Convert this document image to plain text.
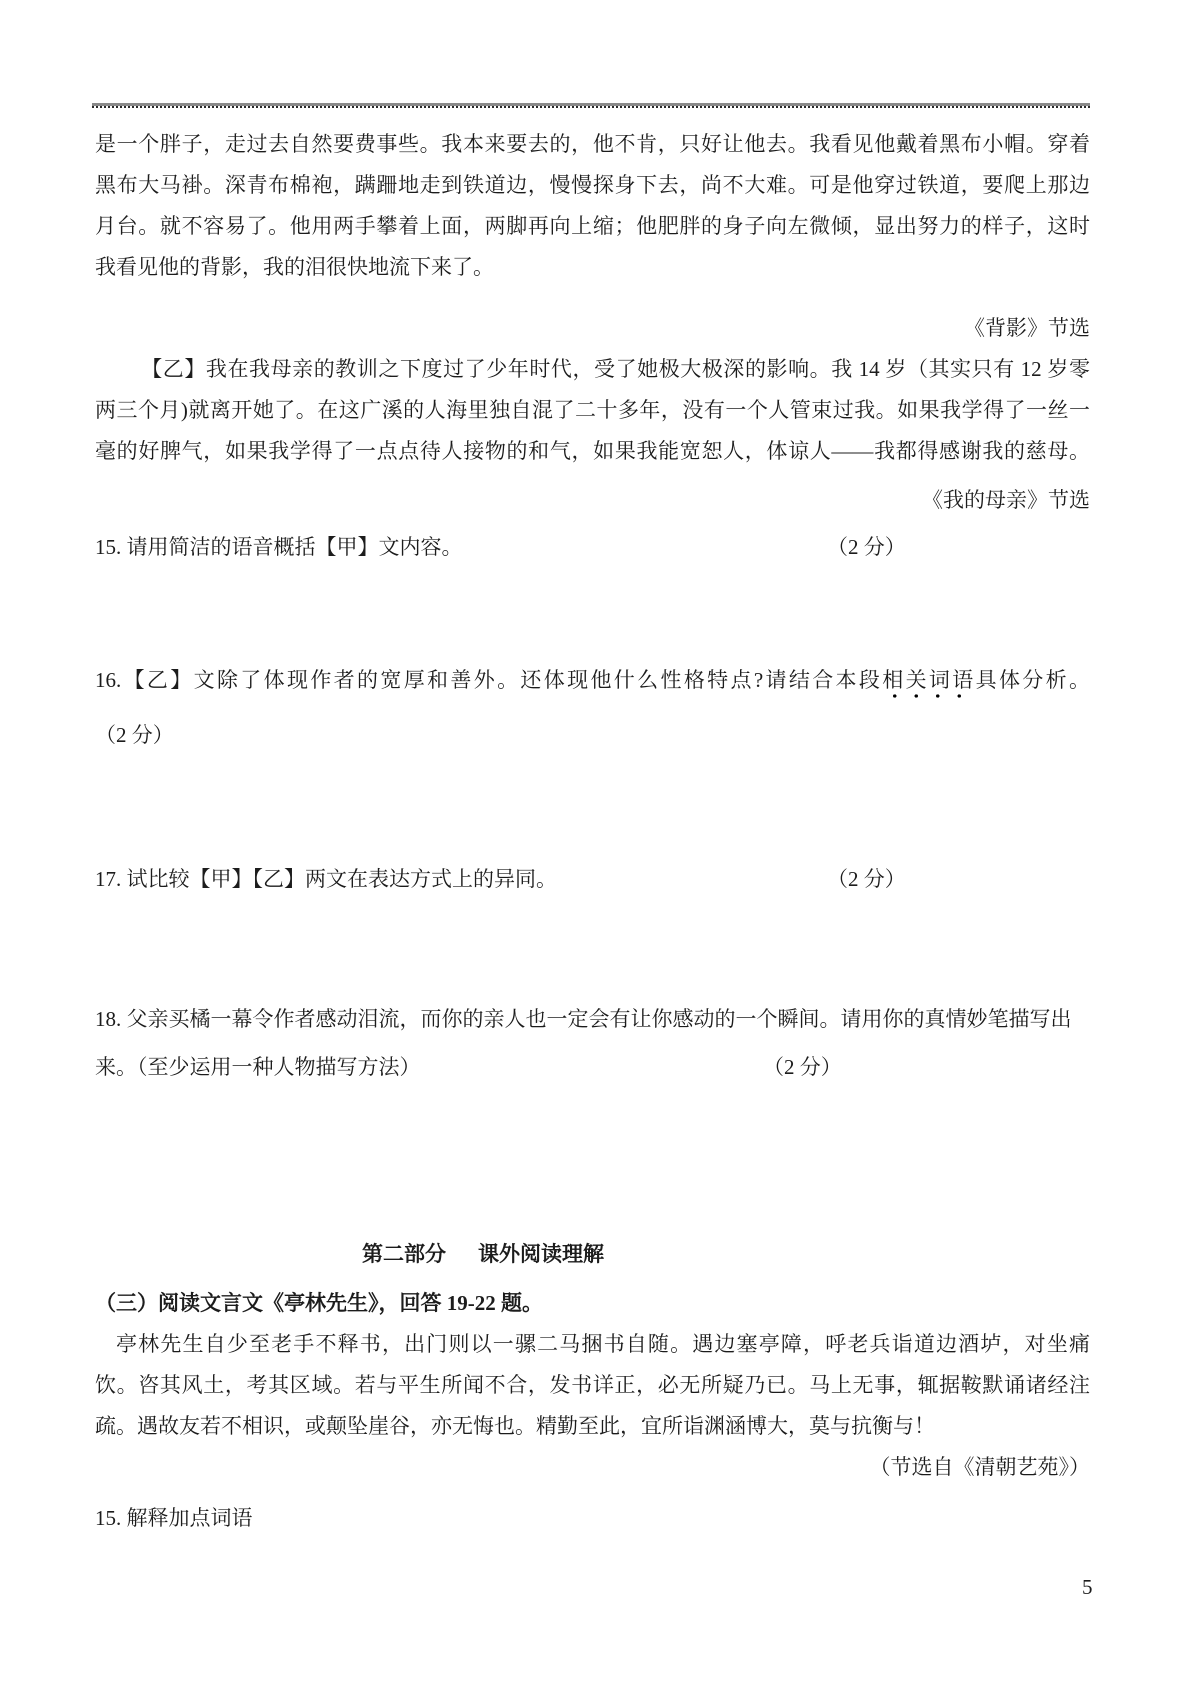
是一个胖子，走过去自然要费事些。我本来要去的，他不肯，只好让他去。我看见他戴着黑布小帽。穿着
黑布大马褂。深青布棉袍，蹒跚地走到铁道边，慢慢探身下去，尚不大难。可是他穿过铁道，要爬上那边
月台。就不容易了。他用两手攀着上面，两脚再向上缩；他肥胖的身子向左微倾，显出努力的样子，这时
我看见他的背影，我的泪很快地流下来了。
《背影》节选
【乙】我在我母亲的教训之下度过了少年时代，受了她极大极深的影响。我 14 岁（其实只有 12 岁零
两三个月)就离开她了。在这广溪的人海里独自混了二十多年，没有一个人管束过我。如果我学得了一丝一
毫的好脾气，如果我学得了一点点待人接物的和气，如果我能宽恕人，体谅人——我都得感谢我的慈母。
《我的母亲》节选
15. 请用简洁的语音概括【甲】文内容。	（2 分）
16.【乙】文除了体现作者的宽厚和善外。还体现他什么性格特点?请结合本段相关词语具体分析。
（2 分）
17. 试比较【甲】【乙】两文在表达方式上的异同。	（2 分）
18. 父亲买橘一幕令作者感动泪流，而你的亲人也一定会有让你感动的一个瞬间。请用你的真情妙笔描写出
来。（至少运用一种人物描写方法）	（2 分）
第二部分 课外阅读理解
（三）阅读文言文《亭林先生》，回答 19-22 题。
亭林先生自少至老手不释书，出门则以一骡二马捆书自随。遇边塞亭障，呼老兵诣道边酒垆，对坐痛
饮。咨其风土，考其区域。若与平生所闻不合，发书详正，必无所疑乃已。马上无事，辄据鞍默诵诸经注
疏。遇故友若不相识，或颠坠崖谷，亦无悔也。精勤至此，宜所诣渊涵博大，莫与抗衡与！
（节选自《清朝艺苑》）
15. 解释加点词语
5
